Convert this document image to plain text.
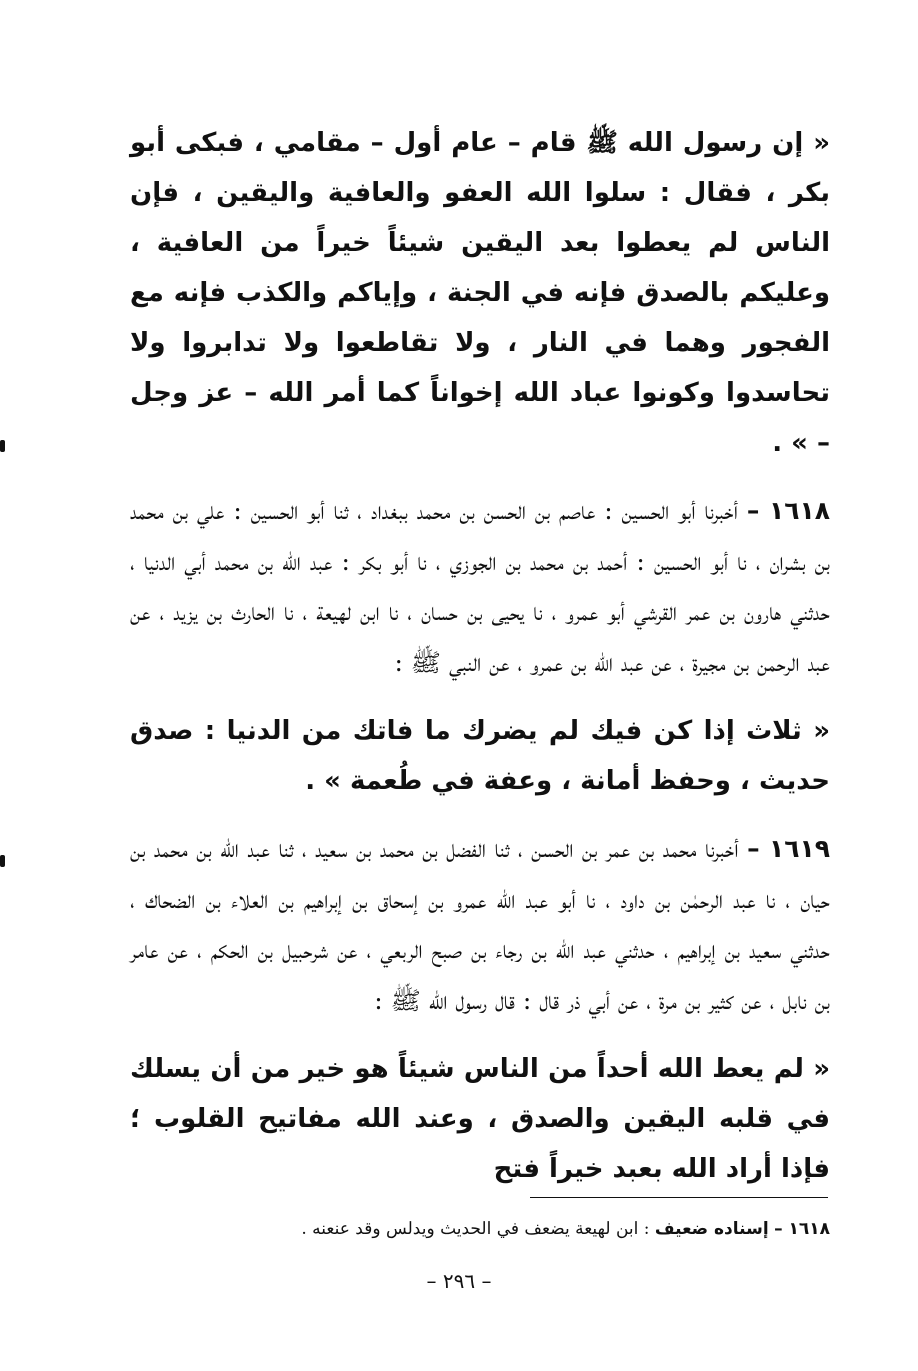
« إن رسول الله ﷺ قام – عام أول – مقامي ، فبكى أبو بكر ، فقال : سلوا الله العفو والعافية واليقين ، فإن الناس لم يعطوا بعد اليقين شيئاً خيراً من العافية ، وعليكم بالصدق فإنه في الجنة ، وإياكم والكذب فإنه مع الفجور وهما في النار ، ولا تقاطعوا ولا تدابروا ولا تحاسدوا وكونوا عباد الله إخواناً كما أمر الله – عز وجل – » .

١٦١٨ – أخبرنا أبو الحسين : عاصم بن الحسن بن محمد ببغداد ، ثنا أبو الحسين : علي بن محمد بن بشران ، نا أبو الحسين : أحمد بن محمد بن الجوزي ، نا أبو بكر : عبد الله بن محمد أبي الدنيا ، حدثني هارون بن عمر القرشي أبو عمرو ، نا يحيى بن حسان ، نا ابن لهيعة ، نا الحارث بن يزيد ، عن عبد الرحمن بن مجيرة ، عن عبد الله بن عمرو ، عن النبي ﷺ :

« ثلاث إذا كن فيك لم يضرك ما فاتك من الدنيا : صدق حديث ، وحفظ أمانة ، وعفة في طُعمة » .

١٦١٩ – أخبرنا محمد بن عمر بن الحسن ، ثنا الفضل بن محمد بن سعيد ، ثنا عبد الله بن محمد بن حيان ، نا عبد الرحمٰن بن داود ، نا أبو عبد الله عمرو بن إسحاق بن إبراهيم بن العلاء بن الضحاك ، حدثني سعيد بن إبراهيم ، حدثني عبد الله بن رجاء بن صبح الربعي ، عن شرحبيل بن الحكم ، عن عامر بن نابل ، عن كثير بن مرة ، عن أبي ذر قال : قال رسول الله ﷺ :

« لم يعط الله أحداً من الناس شيئاً هو خير من أن يسلك في قلبه اليقين والصدق ، وعند الله مفاتيح القلوب ؛ فإذا أراد الله بعبد خيراً فتح

١٦١٨ – إسناده ضعيف : ابن لهيعة يضعف في الحديث ويدلس وقد عنعنه .
– ٢٩٦ –
